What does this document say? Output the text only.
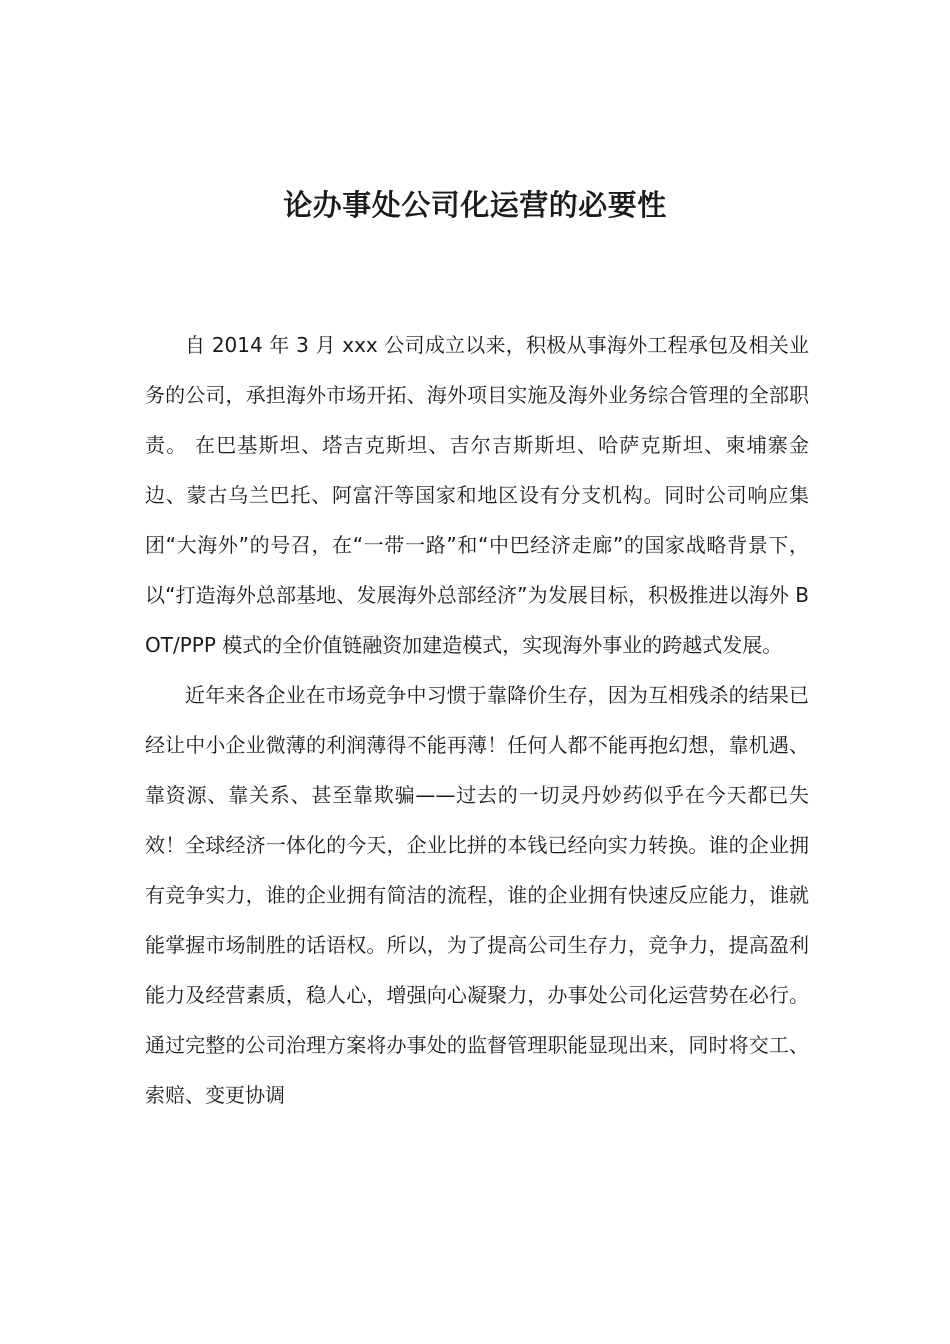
论办事处公司化运营的必要性

自 2014 年 3 月 xxx 公司成立以来，积极从事海外工程承包及相关业务的公司，承担海外市场开拓、海外项目实施及海外业务综合管理的全部职责。 在巴基斯坦、塔吉克斯坦、吉尔吉斯斯坦、哈萨克斯坦、柬埔寨金边、蒙古乌兰巴托、阿富汗等国家和地区设有分支机构。同时公司响应集团“大海外”的号召，在“一带一路”和“中巴经济走廊”的国家战略背景下，以“打造海外总部基地、发展海外总部经济”为发展目标，积极推进以海外 BOT/PPP 模式的全价值链融资加建造模式，实现海外事业的跨越式发展。

近年来各企业在市场竞争中习惯于靠降价生存，因为互相残杀的结果已经让中小企业微薄的利润薄得不能再薄！任何人都不能再抱幻想，靠机遇、靠资源、靠关系、甚至靠欺骗——过去的一切灵丹妙药似乎在今天都已失效！全球经济一体化的今天，企业比拼的本钱已经向实力转换。谁的企业拥有竞争实力，谁的企业拥有简洁的流程，谁的企业拥有快速反应能力，谁就能掌握市场制胜的话语权。所以，为了提高公司生存力，竞争力，提高盈利能力及经营素质，稳人心，增强向心凝聚力，办事处公司化运营势在必行。通过完整的公司治理方案将办事处的监督管理职能显现出来，同时将交工、索赔、变更协调
